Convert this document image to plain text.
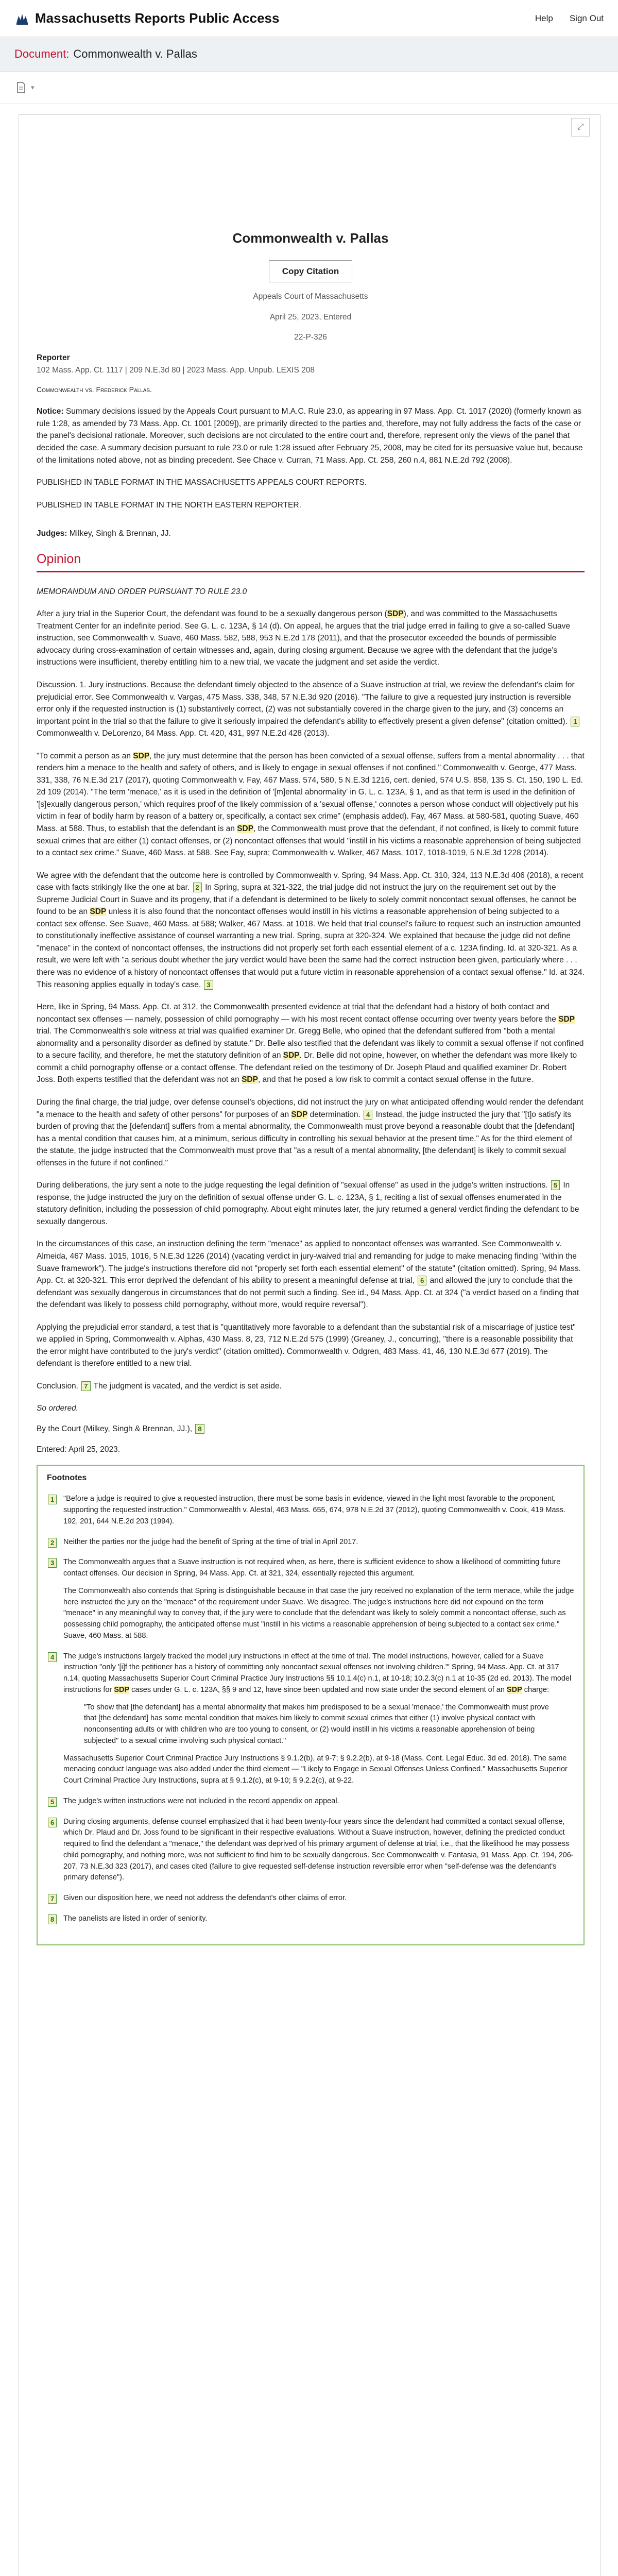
Massachusetts Reports Public Access	Help Sign Out
Document: Commonwealth v. Pallas
▾
⤢
Commonwealth v. Pallas
Copy Citation
Appeals Court of Massachusetts
April 25, 2023, Entered
22-P-326
Reporter
102 Mass. App. Ct. 1117 | 209 N.E.3d 80 | 2023 Mass. App. Unpub. LEXIS 208
Commonwealth vs. Frederick Pallas.

Notice: Summary decisions issued by the Appeals Court pursuant to M.A.C. Rule 23.0, as appearing in 97 Mass. App. Ct. 1017 (2020) (formerly known as rule 1:28, as amended by 73 Mass. App. Ct. 1001 [2009]), are primarily directed to the parties and, therefore, may not fully address the facts of the case or the panel's decisional rationale. Moreover, such decisions are not circulated to the entire court and, therefore, represent only the views of the panel that decided the case. A summary decision pursuant to rule 23.0 or rule 1:28 issued after February 25, 2008, may be cited for its persuasive value but, because of the limitations noted above, not as binding precedent. See Chace v. Curran, 71 Mass. App. Ct. 258, 260 n.4, 881 N.E.2d 792 (2008).

PUBLISHED IN TABLE FORMAT IN THE MASSACHUSETTS APPEALS COURT REPORTS.

PUBLISHED IN TABLE FORMAT IN THE NORTH EASTERN REPORTER.

Judges: Milkey, Singh & Brennan, JJ.
Opinion

MEMORANDUM AND ORDER PURSUANT TO RULE 23.0

After a jury trial in the Superior Court, the defendant was found to be a sexually dangerous person (SDP), and was committed to the Massachusetts Treatment Center for an indefinite period. See G. L. c. 123A, § 14 (d). On appeal, he argues that the trial judge erred in failing to give a so-called Suave instruction, see Commonwealth v. Suave, 460 Mass. 582, 588, 953 N.E.2d 178 (2011), and that the prosecutor exceeded the bounds of permissible advocacy during cross-examination of certain witnesses and, again, during closing argument. Because we agree with the defendant that the judge's instructions were insufficient, thereby entitling him to a new trial, we vacate the judgment and set aside the verdict.

Discussion. 1. Jury instructions. Because the defendant timely objected to the absence of a Suave instruction at trial, we review the defendant's claim for prejudicial error. See Commonwealth v. Vargas, 475 Mass. 338, 348, 57 N.E.3d 920 (2016). "The failure to give a requested jury instruction is reversible error only if the requested instruction is (1) substantively correct, (2) was not substantially covered in the charge given to the jury, and (3) concerns an important point in the trial so that the failure to give it seriously impaired the defendant's ability to effectively present a given defense" (citation omitted). 1 Commonwealth v. DeLorenzo, 84 Mass. App. Ct. 420, 431, 997 N.E.2d 428 (2013).

"To commit a person as an SDP, the jury must determine that the person has been convicted of a sexual offense, suffers from a mental abnormality . . . that renders him a menace to the health and safety of others, and is likely to engage in sexual offenses if not confined." Commonwealth v. George, 477 Mass. 331, 338, 76 N.E.3d 217 (2017), quoting Commonwealth v. Fay, 467 Mass. 574, 580, 5 N.E.3d 1216, cert. denied, 574 U.S. 858, 135 S. Ct. 150, 190 L. Ed. 2d 109 (2014). "The term 'menace,' as it is used in the definition of '[m]ental abnormality' in G. L. c. 123A, § 1, and as that term is used in the definition of '[s]exually dangerous person,' which requires proof of the likely commission of a 'sexual offense,' connotes a person whose conduct will objectively put his victim in fear of bodily harm by reason of a battery or, specifically, a contact sex crime" (emphasis added). Fay, 467 Mass. at 580-581, quoting Suave, 460 Mass. at 588. Thus, to establish that the defendant is an SDP, the Commonwealth must prove that the defendant, if not confined, is likely to commit future sexual crimes that are either (1) contact offenses, or (2) noncontact offenses that would "instill in his victims a reasonable apprehension of being subjected to a contact sex crime." Suave, 460 Mass. at 588. See Fay, supra; Commonwealth v. Walker, 467 Mass. 1017, 1018-1019, 5 N.E.3d 1228 (2014).

We agree with the defendant that the outcome here is controlled by Commonwealth v. Spring, 94 Mass. App. Ct. 310, 324, 113 N.E.3d 406 (2018), a recent case with facts strikingly like the one at bar. 2 In Spring, supra at 321-322, the trial judge did not instruct the jury on the requirement set out by the Supreme Judicial Court in Suave and its progeny, that if a defendant is determined to be likely to solely commit noncontact sexual offenses, he cannot be found to be an SDP unless it is also found that the noncontact offenses would instill in his victims a reasonable apprehension of being subjected to a contact sex offense. See Suave, 460 Mass. at 588; Walker, 467 Mass. at 1018. We held that trial counsel's failure to request such an instruction amounted to constitutionally ineffective assistance of counsel warranting a new trial. Spring, supra at 320-324. We explained that because the judge did not define "menace" in the context of noncontact offenses, the instructions did not properly set forth each essential element of a c. 123A finding. Id. at 320-321. As a result, we were left with "a serious doubt whether the jury verdict would have been the same had the correct instruction been given, particularly where . . . there was no evidence of a history of noncontact offenses that would put a future victim in reasonable apprehension of a contact sexual offense." Id. at 324. This reasoning applies equally in today's case. 3

Here, like in Spring, 94 Mass. App. Ct. at 312, the Commonwealth presented evidence at trial that the defendant had a history of both contact and noncontact sex offenses — namely, possession of child pornography — with his most recent contact offense occurring over twenty years before the SDP trial. The Commonwealth's sole witness at trial was qualified examiner Dr. Gregg Belle, who opined that the defendant suffered from "both a mental abnormality and a personality disorder as defined by statute." Dr. Belle also testified that the defendant was likely to commit a sexual offense if not confined to a secure facility, and therefore, he met the statutory definition of an SDP. Dr. Belle did not opine, however, on whether the defendant was more likely to commit a child pornography offense or a contact offense. The defendant relied on the testimony of Dr. Joseph Plaud and qualified examiner Dr. Robert Joss. Both experts testified that the defendant was not an SDP, and that he posed a low risk to commit a contact sexual offense in the future.

During the final charge, the trial judge, over defense counsel's objections, did not instruct the jury on what anticipated offending would render the defendant "a menace to the health and safety of other persons" for purposes of an SDP determination. 4 Instead, the judge instructed the jury that "[t]o satisfy its burden of proving that the [defendant] suffers from a mental abnormality, the Commonwealth must prove beyond a reasonable doubt that the [defendant] has a mental condition that causes him, at a minimum, serious difficulty in controlling his sexual behavior at the present time." As for the third element of the statute, the judge instructed that the Commonwealth must prove that "as a result of a mental abnormality, [the defendant] is likely to commit sexual offenses in the future if not confined."

During deliberations, the jury sent a note to the judge requesting the legal definition of "sexual offense" as used in the judge's written instructions. 5 In response, the judge instructed the jury on the definition of sexual offense under G. L. c. 123A, § 1, reciting a list of sexual offenses enumerated in the statutory definition, including the possession of child pornography. About eight minutes later, the jury returned a general verdict finding the defendant to be sexually dangerous.

In the circumstances of this case, an instruction defining the term "menace" as applied to noncontact offenses was warranted. See Commonwealth v. Almeida, 467 Mass. 1015, 1016, 5 N.E.3d 1226 (2014) (vacating verdict in jury-waived trial and remanding for judge to make menacing finding "within the Suave framework"). The judge's instructions therefore did not "properly set forth each essential element" of the statute" (citation omitted). Spring, 94 Mass. App. Ct. at 320-321. This error deprived the defendant of his ability to present a meaningful defense at trial, 6 and allowed the jury to conclude that the defendant was sexually dangerous in circumstances that do not permit such a finding. See id., 94 Mass. App. Ct. at 324 ("a verdict based on a finding that the defendant was likely to possess child pornography, without more, would require reversal").

Applying the prejudicial error standard, a test that is "quantitatively more favorable to a defendant than the substantial risk of a miscarriage of justice test" we applied in Spring, Commonwealth v. Alphas, 430 Mass. 8, 23, 712 N.E.2d 575 (1999) (Greaney, J., concurring), "there is a reasonable possibility that the error might have contributed to the jury's verdict" (citation omitted). Commonwealth v. Odgren, 483 Mass. 41, 46, 130 N.E.3d 677 (2019). The defendant is therefore entitled to a new trial.

Conclusion. 7 The judgment is vacated, and the verdict is set aside.

So ordered.

By the Court (Milkey, Singh & Brennan, JJ.), 8

Entered: April 25, 2023.

Footnotes
1	"Before a judge is required to give a requested instruction, there must be some basis in evidence, viewed in the light most favorable to the proponent, supporting the requested instruction." Commonwealth v. Alestal, 463 Mass. 655, 674, 978 N.E.2d 37 (2012), quoting Commonwealth v. Cook, 419 Mass. 192, 201, 644 N.E.2d 203 (1994).

2	Neither the parties nor the judge had the benefit of Spring at the time of trial in April 2017.

3	The Commonwealth argues that a Suave instruction is not required when, as here, there is sufficient evidence to show a likelihood of committing future contact offenses. Our decision in Spring, 94 Mass. App. Ct. at 321, 324, essentially rejected this argument.

The Commonwealth also contends that Spring is distinguishable because in that case the jury received no explanation of the term menace, while the judge here instructed the jury on the "menace" of the requirement under Suave. We disagree. The judge's instructions here did not expound on the term "menace" in any meaningful way to convey that, if the jury were to conclude that the defendant was likely to solely commit a noncontact offense, such as possessing child pornography, the anticipated offense must "instill in his victims a reasonable apprehension of being subjected to a contact sex crime." Suave, 460 Mass. at 588.

4	The judge's instructions largely tracked the model jury instructions in effect at the time of trial. The model instructions, however, called for a Suave instruction "only '[i]f the petitioner has a history of committing only noncontact sexual offenses not involving children.'" Spring, 94 Mass. App. Ct. at 317 n.14, quoting Massachusetts Superior Court Criminal Practice Jury Instructions §§ 10.1.4(c) n.1, at 10-18; 10.2.3(c) n.1 at 10-35 (2d ed. 2013). The model instructions for SDP cases under G. L. c. 123A, §§ 9 and 12, have since been updated and now state under the second element of an SDP charge:

"To show that [the defendant] has a mental abnormality that makes him predisposed to be a sexual 'menace,' the Commonwealth must prove that [the defendant] has some mental condition that makes him likely to commit sexual crimes that either (1) involve physical contact with nonconsenting adults or with children who are too young to consent, or (2) would instill in his victims a reasonable apprehension of being subjected" to a sexual crime involving such physical contact."

Massachusetts Superior Court Criminal Practice Jury Instructions § 9.1.2(b), at 9-7; § 9.2.2(b), at 9-18 (Mass. Cont. Legal Educ. 3d ed. 2018). The same menacing conduct language was also added under the third element — "Likely to Engage in Sexual Offenses Unless Confined." Massachusetts Superior Court Criminal Practice Jury Instructions, supra at § 9.1.2(c), at 9-10; § 9.2.2(c), at 9-22.

5	The judge's written instructions were not included in the record appendix on appeal.

6	During closing arguments, defense counsel emphasized that it had been twenty-four years since the defendant had committed a contact sexual offense, which Dr. Plaud and Dr. Joss found to be significant in their respective evaluations. Without a Suave instruction, however, defining the predicted conduct required to find the defendant a "menace," the defendant was deprived of his primary argument of defense at trial, i.e., that the likelihood he may possess child pornography, and nothing more, was not sufficient to find him to be sexually dangerous. See Commonwealth v. Fantasia, 91 Mass. App. Ct. 194, 206-207, 73 N.E.3d 323 (2017), and cases cited (failure to give requested self-defense instruction reversible error when "self-defense was the defendant's primary defense").

7	Given our disposition here, we need not address the defendant's other claims of error.

8	The panelists are listed in order of seniority.
